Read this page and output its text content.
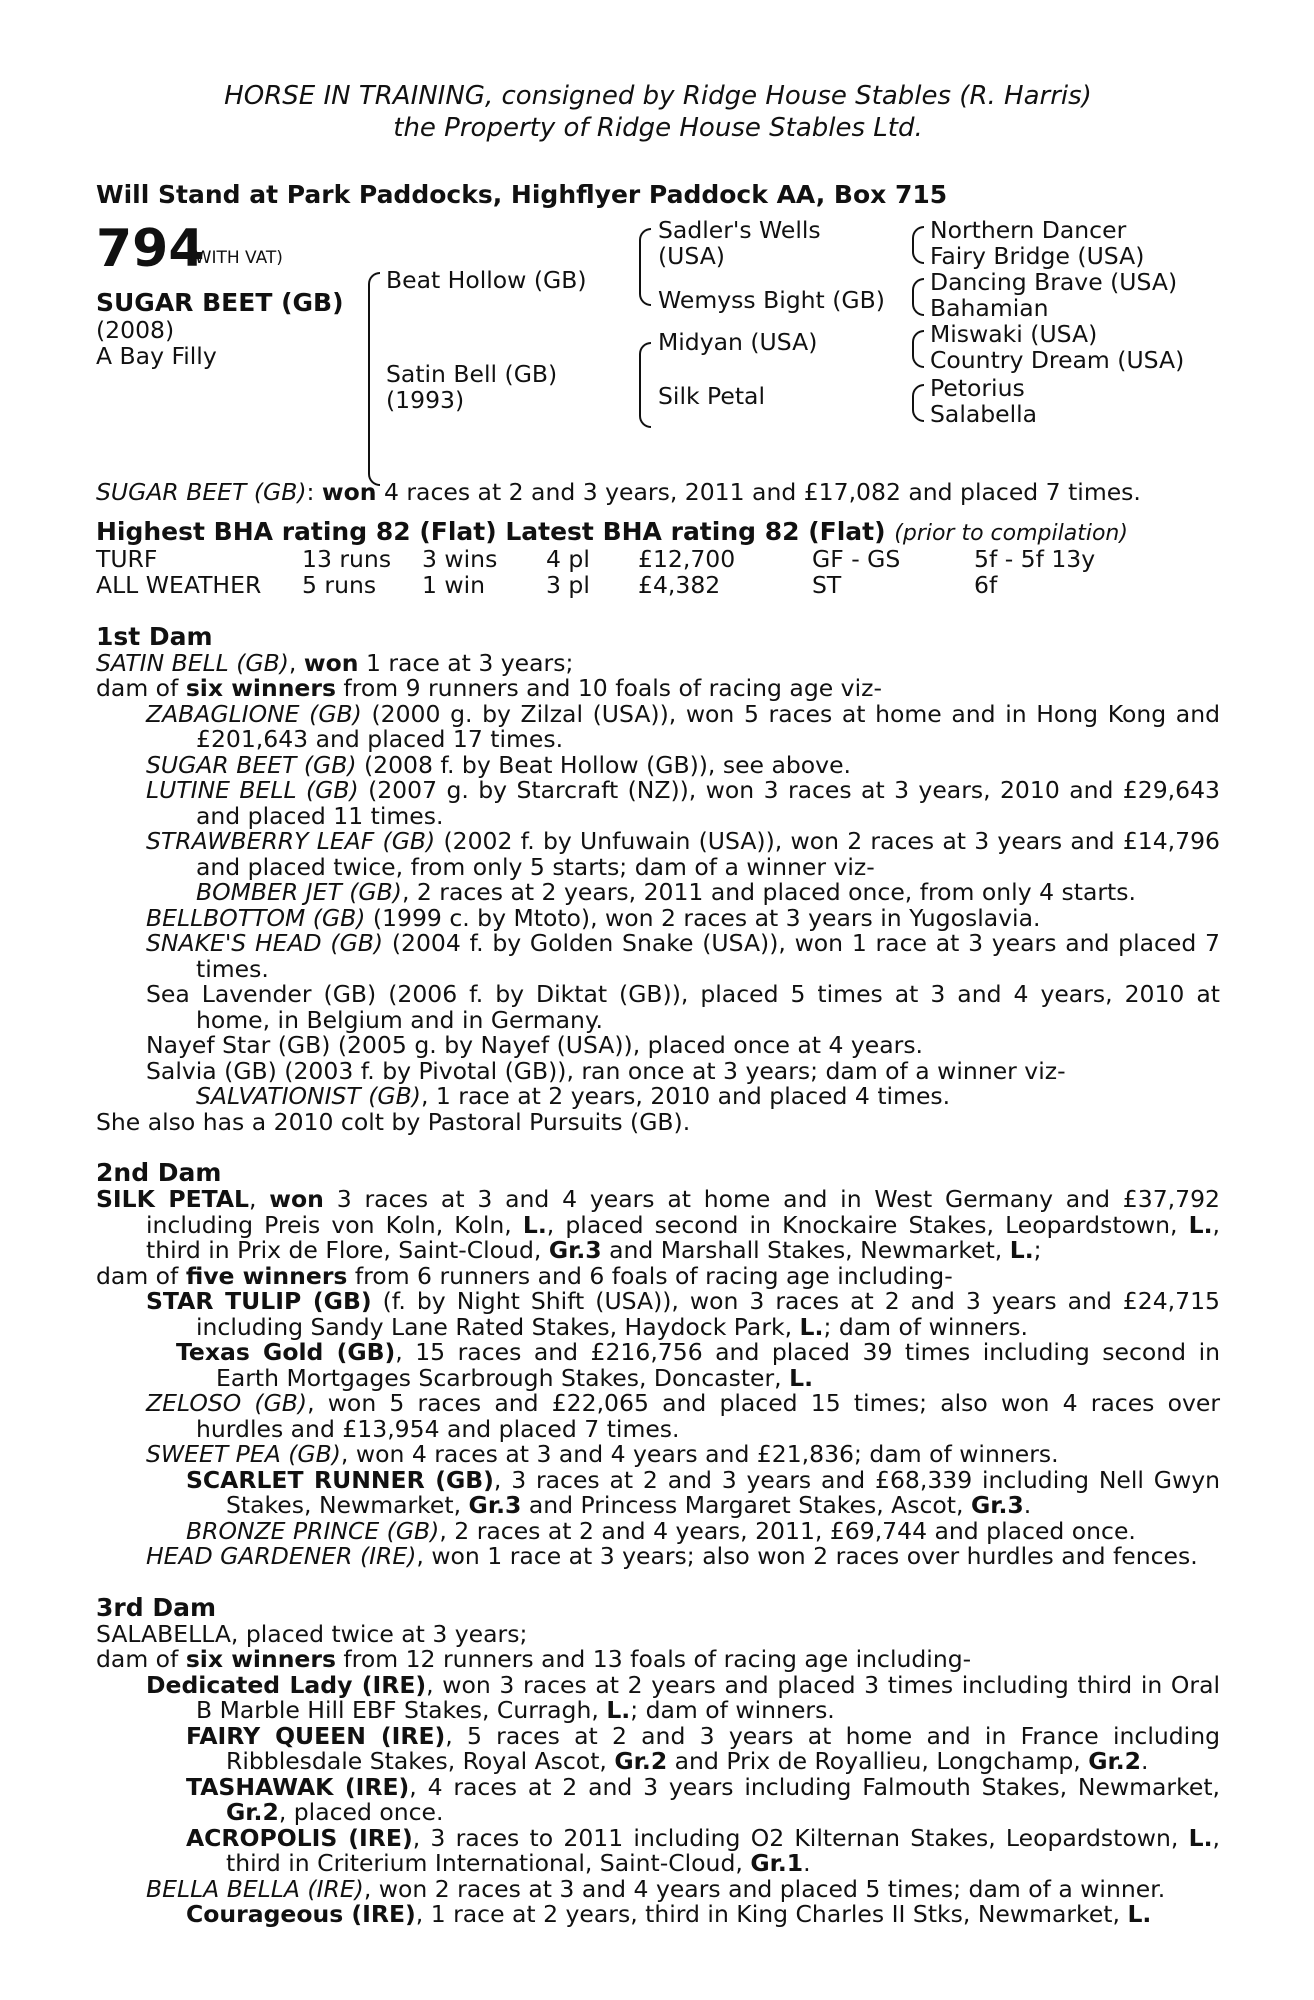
HORSE IN TRAINING, consigned by Ridge House Stables (R. Harris)
the Property of Ridge House Stables Ltd.
Will Stand at Park Paddocks, Highflyer Paddock AA, Box 715
794
(WITH VAT)
SUGAR BEET (GB)
(2008)
A Bay Filly
Beat Hollow (GB)
Satin Bell (GB)
(1993)
Sadler's Wells
(USA)
Wemyss Bight (GB)
Midyan (USA)
Silk Petal
Northern Dancer
Fairy Bridge (USA)
Dancing Brave (USA)
Bahamian
Miswaki (USA)
Country Dream (USA)
Petorius
Salabella
SUGAR BEET (GB): won 4 races at 2 and 3 years, 2011 and £17,082 and placed 7 times.
Highest BHA rating 82 (Flat) Latest BHA rating 82 (Flat) (prior to compilation)
TURF	13 runs 3 wins 4 pl £12,700	GF - GS	5f - 5f 13y
ALL WEATHER 5 runs 1 win	3 pl £4,382	ST	6f
1st Dam

SATIN BELL (GB), won 1 race at 3 years;

dam of six winners from 9 runners and 10 foals of racing age viz-

ZABAGLIONE (GB) (2000 g. by Zilzal (USA)), won 5 races at home and in Hong Kong and £201,643 and placed 17 times.

SUGAR BEET (GB) (2008 f. by Beat Hollow (GB)), see above.

LUTINE BELL (GB) (2007 g. by Starcraft (NZ)), won 3 races at 3 years, 2010 and £29,643 and placed 11 times.

STRAWBERRY LEAF (GB) (2002 f. by Unfuwain (USA)), won 2 races at 3 years and £14,796 and placed twice, from only 5 starts; dam of a winner viz-

BOMBER JET (GB), 2 races at 2 years, 2011 and placed once, from only 4 starts.

BELLBOTTOM (GB) (1999 c. by Mtoto), won 2 races at 3 years in Yugoslavia.

SNAKE'S HEAD (GB) (2004 f. by Golden Snake (USA)), won 1 race at 3 years and placed 7 times.

Sea Lavender (GB) (2006 f. by Diktat (GB)), placed 5 times at 3 and 4 years, 2010 at home, in Belgium and in Germany.

Nayef Star (GB) (2005 g. by Nayef (USA)), placed once at 4 years.

Salvia (GB) (2003 f. by Pivotal (GB)), ran once at 3 years; dam of a winner viz-

SALVATIONIST (GB), 1 race at 2 years, 2010 and placed 4 times.

She also has a 2010 colt by Pastoral Pursuits (GB).

2nd Dam

SILK PETAL, won 3 races at 3 and 4 years at home and in West Germany and £37,792 including Preis von Koln, Koln, L., placed second in Knockaire Stakes, Leopardstown, L., third in Prix de Flore, Saint-Cloud, Gr.3 and Marshall Stakes, Newmarket, L.;

dam of five winners from 6 runners and 6 foals of racing age including-

STAR TULIP (GB) (f. by Night Shift (USA)), won 3 races at 2 and 3 years and £24,715 including Sandy Lane Rated Stakes, Haydock Park, L.; dam of winners.

Texas Gold (GB), 15 races and £216,756 and placed 39 times including second in Earth Mortgages Scarbrough Stakes, Doncaster, L.

ZELOSO (GB), won 5 races and £22,065 and placed 15 times; also won 4 races over hurdles and £13,954 and placed 7 times.

SWEET PEA (GB), won 4 races at 3 and 4 years and £21,836; dam of winners.

SCARLET RUNNER (GB), 3 races at 2 and 3 years and £68,339 including Nell Gwyn Stakes, Newmarket, Gr.3 and Princess Margaret Stakes, Ascot, Gr.3.

BRONZE PRINCE (GB), 2 races at 2 and 4 years, 2011, £69,744 and placed once.

HEAD GARDENER (IRE), won 1 race at 3 years; also won 2 races over hurdles and fences.

3rd Dam

SALABELLA, placed twice at 3 years;

dam of six winners from 12 runners and 13 foals of racing age including-

Dedicated Lady (IRE), won 3 races at 2 years and placed 3 times including third in Oral B Marble Hill EBF Stakes, Curragh, L.; dam of winners.

FAIRY QUEEN (IRE), 5 races at 2 and 3 years at home and in France including Ribblesdale Stakes, Royal Ascot, Gr.2 and Prix de Royallieu, Longchamp, Gr.2.

TASHAWAK (IRE), 4 races at 2 and 3 years including Falmouth Stakes, Newmarket, Gr.2, placed once.

ACROPOLIS (IRE), 3 races to 2011 including O2 Kilternan Stakes, Leopardstown, L., third in Criterium International, Saint-Cloud, Gr.1.

BELLA BELLA (IRE), won 2 races at 3 and 4 years and placed 5 times; dam of a winner.

Courageous (IRE), 1 race at 2 years, third in King Charles II Stks, Newmarket, L.
